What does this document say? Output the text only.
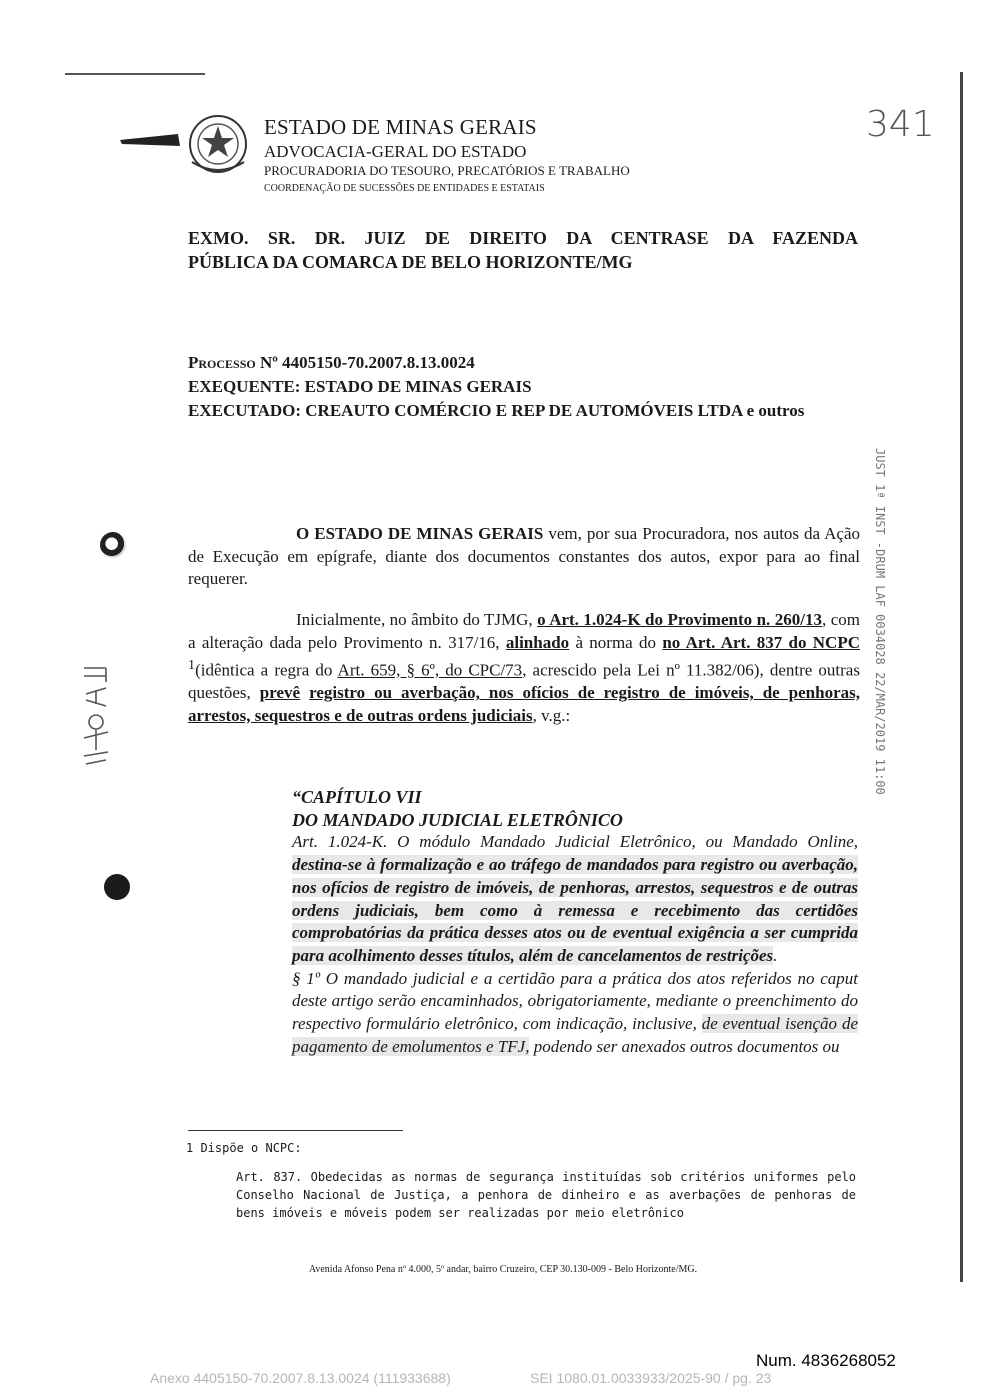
ESTADO DE MINAS GERAIS
ADVOCACIA-GERAL DO ESTADO
PROCURADORIA DO TESOURO, PRECATÓRIOS E TRABALHO
COORDENAÇÃO DE SUCESSÕES DE ENTIDADES E ESTATAIS
341
EXMO. SR. DR. JUIZ DE DIREITO DA CENTRASE DA FAZENDA
PÚBLICA DA COMARCA DE BELO HORIZONTE/MG
Processo Nº 4405150-70.2007.8.13.0024
EXEQUENTE: ESTADO DE MINAS GERAIS
EXECUTADO: CREAUTO COMÉRCIO E REP DE AUTOMÓVEIS LTDA e outros
O ESTADO DE MINAS GERAIS vem, por sua Procuradora, nos autos da Ação de Execução em epígrafe, diante dos documentos constantes dos autos, expor para ao final requerer.
Inicialmente, no âmbito do TJMG, o Art. 1.024-K do Provimento n. 260/13, com a alteração dada pelo Provimento n. 317/16, alinhado à norma do no Art. Art. 837 do NCPC $^1$(idêntica a regra do Art. 659, § 6º, do CPC/73, acrescido pela Lei nº 11.382/06), dentre outras questões, prevê registro ou averbação, nos ofícios de registro de imóveis, de penhoras, arrestos, sequestros e de outras ordens judiciais, v.g.:
“CAPÍTULO VII
DO MANDADO JUDICIAL ELETRÔNICO
Art. 1.024-K. O módulo Mandado Judicial Eletrônico, ou Mandado Online, destina-se à formalização e ao tráfego de mandados para registro ou averbação, nos ofícios de registro de imóveis, de penhoras, arrestos, sequestros e de outras ordens judiciais, bem como à remessa e recebimento das certidões comprobatórias da prática desses atos ou de eventual exigência a ser cumprida para acolhimento desses títulos, além de cancelamentos de restrições.
§ 1º O mandado judicial e a certidão para a prática dos atos referidos no caput deste artigo serão encaminhados, obrigatoriamente, mediante o preenchimento do respectivo formulário eletrônico, com indicação, inclusive, de eventual isenção de pagamento de emolumentos e TFJ, podendo ser anexados outros documentos ou
1 Dispõe o NCPC:
Art. 837. Obedecidas as normas de segurança instituídas sob critérios uniformes pelo Conselho Nacional de Justiça, a penhora de dinheiro e as averbações de penhoras de bens imóveis e móveis podem ser realizadas por meio eletrônico
Avenida Afonso Pena nº 4.000, 5º andar, bairro Cruzeiro, CEP 30.130-009 - Belo Horizonte/MG.
JUST 1ª INST -DRUM LAF 0034028 22/MAR/2019 11:00
B8 R. 1
Num. 4836268052
Anexo 4405150-70.2007.8.13.0024 (111933688)	SEI 1080.01.0033933/2025-90 / pg. 23
